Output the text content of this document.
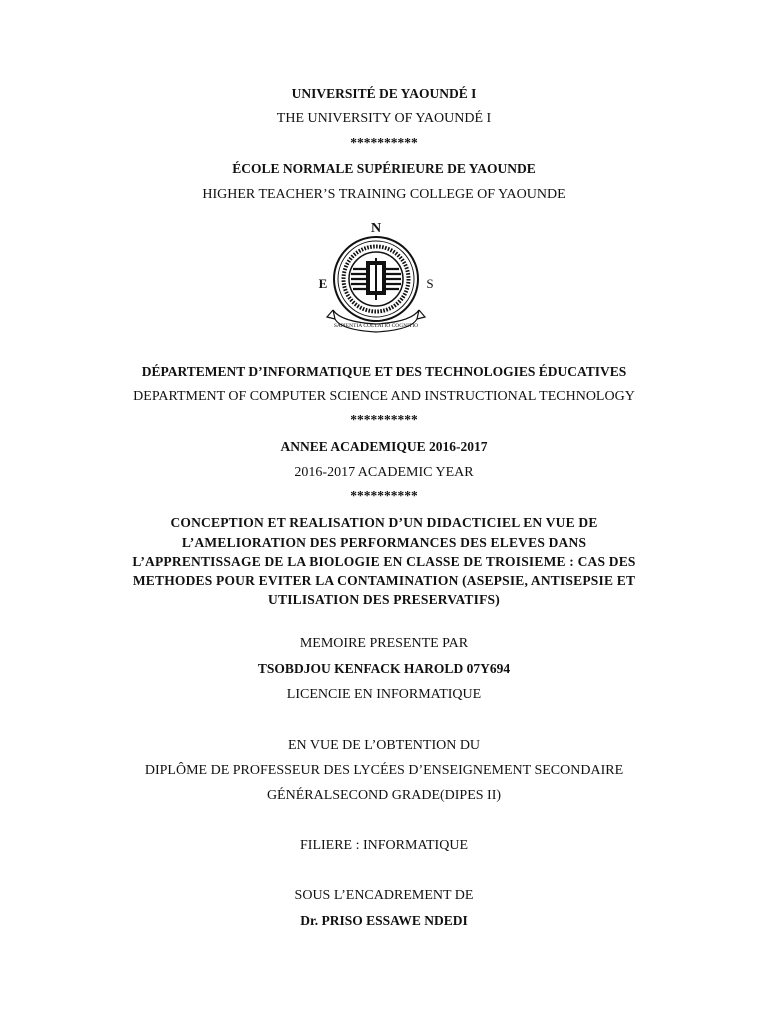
UNIVERSITÉ DE YAOUNDÉ I
THE UNIVERSITY OF YAOUNDÉ I
**********
ÉCOLE NORMALE SUPÉRIEURE DE YAOUNDE
HIGHER TEACHER’S TRAINING COLLEGE OF YAOUNDE
N
E	S
SAPIENTIA COLLATIO COGNITIO
DÉPARTEMENT D’INFORMATIQUE ET DES TECHNOLOGIES ÉDUCATIVES
DEPARTMENT OF COMPUTER SCIENCE AND INSTRUCTIONAL TECHNOLOGY
**********
ANNEE ACADEMIQUE 2016-2017
2016-2017 ACADEMIC YEAR
**********
CONCEPTION ET REALISATION D’UN DIDACTICIEL EN VUE DE
L’AMELIORATION DES PERFORMANCES DES ELEVES DANS
L’APPRENTISSAGE DE LA BIOLOGIE EN CLASSE DE TROISIEME : CAS DES
METHODES POUR EVITER LA CONTAMINATION (ASEPSIE, ANTISEPSIE ET
UTILISATION DES PRESERVATIFS)
MEMOIRE PRESENTE PAR
TSOBDJOU KENFACK HAROLD 07Y694
LICENCIE EN INFORMATIQUE
EN VUE DE L’OBTENTION DU
DIPLÔME DE PROFESSEUR DES LYCÉES D’ENSEIGNEMENT SECONDAIRE
GÉNÉRALSECOND GRADE(DIPES II)
FILIERE : INFORMATIQUE
SOUS L’ENCADREMENT DE
Dr. PRISO ESSAWE NDEDI
